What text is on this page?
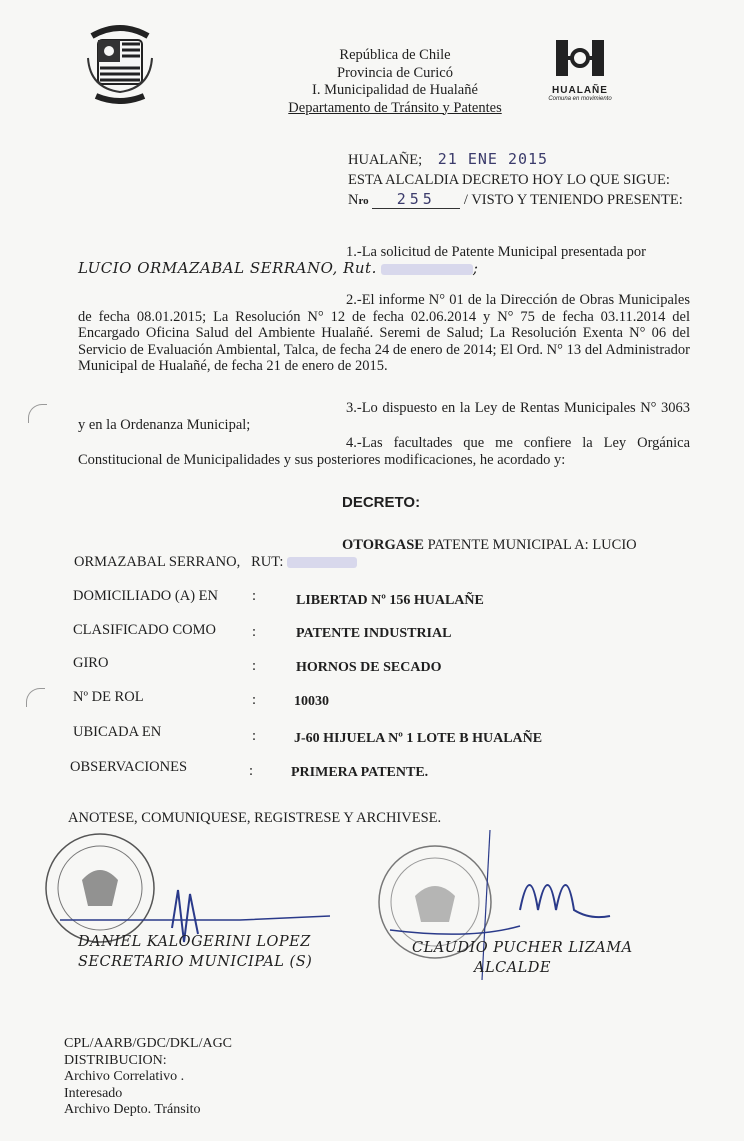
HUALAÑE
Comuna en movimiento
República de Chile
Provincia de Curicó
I. Municipalidad de Hualañé
Departamento de Tránsito y Patentes
HUALAÑE; 21 ENE 2015
ESTA ALCALDIA DECRETO HOY LO QUE SIGUE:
Nro 255 / VISTO Y TENIENDO PRESENTE:
1.-La solicitud de Patente Municipal presentada por
LUCIO ORMAZABAL SERRANO, Rut.	;
2.-El informe N° 01 de la Dirección de Obras Municipales de fecha 08.01.2015; La Resolución N° 12 de fecha 02.06.2014 y N° 75 de fecha 03.11.2014 del Encargado Oficina Salud del Ambiente Hualañé. Seremi de Salud; La Resolución Exenta N° 06 del Servicio de Evaluación Ambiental, Talca, de fecha 24 de enero de 2014; El Ord. N° 13 del Administrador Municipal de Hualañé, de fecha 21 de enero de 2015.
3.-Lo dispuesto en la Ley de Rentas Municipales N° 3063 y en la Ordenanza Municipal;
4.-Las facultades que me confiere la Ley Orgánica Constitucional de Municipalidades y sus posteriores modificaciones, he acordado y:
DECRETO:
OTORGASE PATENTE MUNICIPAL A: LUCIO
ORMAZABAL SERRANO, RUT:
DOMICILIADO (A) EN :	LIBERTAD Nº 156 HUALAÑE
CLASIFICADO COMO :	PATENTE INDUSTRIAL
GIRO	:	HORNOS DE SECADO
Nº DE ROL	:	10030
UBICADA EN	:	J-60 HIJUELA Nº 1 LOTE B HUALAÑE
OBSERVACIONES	:	PRIMERA PATENTE.
ANOTESE, COMUNIQUESE, REGISTRESE Y ARCHIVESE.
DANIEL KALOGERINI LOPEZ
SECRETARIO MUNICIPAL (S)
CLAUDIO PUCHER LIZAMA
ALCALDE
CPL/AARB/GDC/DKL/AGC
DISTRIBUCION:
Archivo Correlativo .
Interesado
Archivo Depto. Tránsito
